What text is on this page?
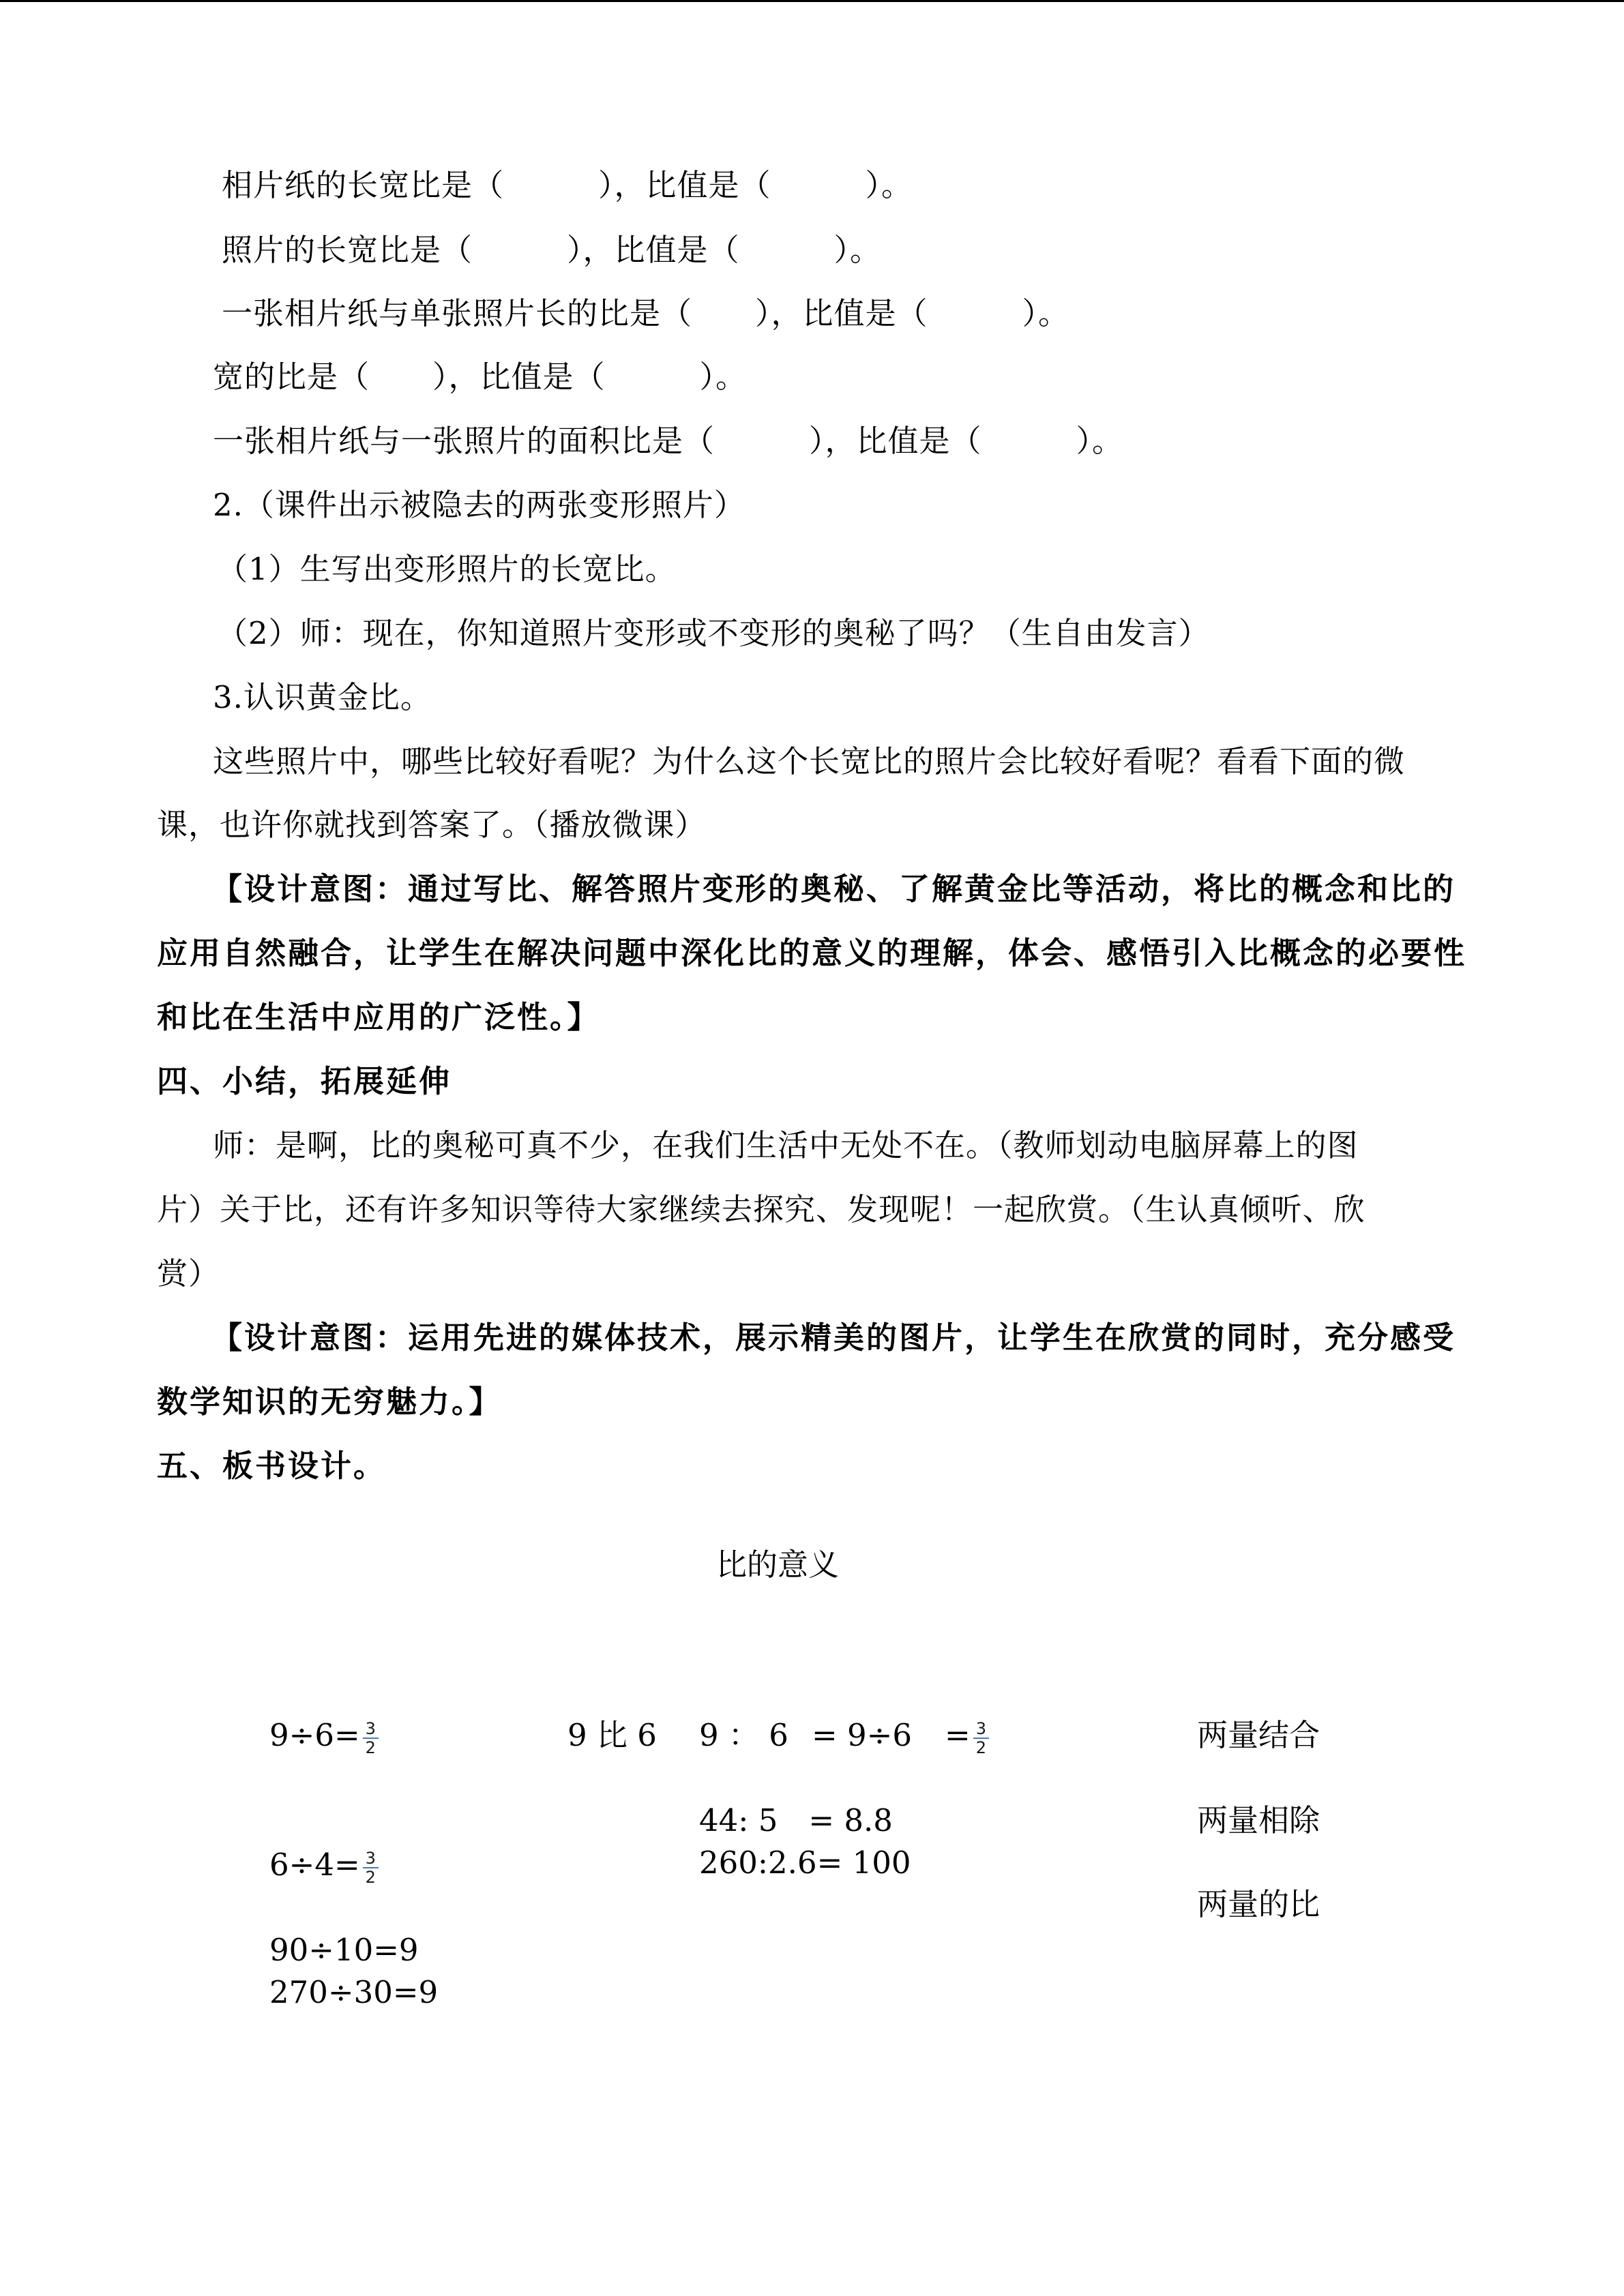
相片纸的长宽比是（　　　），比值是（　　　）。
照片的长宽比是（　　　），比值是（　　　）。
一张相片纸与单张照片长的比是（　　），比值是（　　　）。
宽的比是（　　），比值是（　　　）。
一张相片纸与一张照片的面积比是（　　　），比值是（　　　）。
2.（课件出示被隐去的两张变形照片）
（1）生写出变形照片的长宽比。
（2）师：现在，你知道照片变形或不变形的奥秘了吗？（生自由发言）
3.认识黄金比。
这些照片中，哪些比较好看呢？为什么这个长宽比的照片会比较好看呢？看看下面的微
课，也许你就找到答案了。（播放微课）
【设计意图：通过写比、解答照片变形的奥秘、了解黄金比等活动，将比的概念和比的
应用自然融合，让学生在解决问题中深化比的意义的理解，体会、感悟引入比概念的必要性
和比在生活中应用的广泛性。】
四、小结，拓展延伸
师：是啊，比的奥秘可真不少，在我们生活中无处不在。（教师划动电脑屏幕上的图
片）关于比，还有许多知识等待大家继续去探究、发现呢！一起欣赏。（生认真倾听、欣
赏）
【设计意图：运用先进的媒体技术，展示精美的图片，让学生在欣赏的同时，充分感受
数学知识的无穷魅力。】
五、板书设计。
比的意义
$9\div 6= \frac{3}{2}$
$6\div 4= \frac{3}{2}$
90÷10=9
270÷30=9
9 比 6 9 ： $6 = 9\div 6 = \frac{3}{2}$
44: 5　= 8.8
260:2.6= 100
两量结合
两量相除
两量的比
